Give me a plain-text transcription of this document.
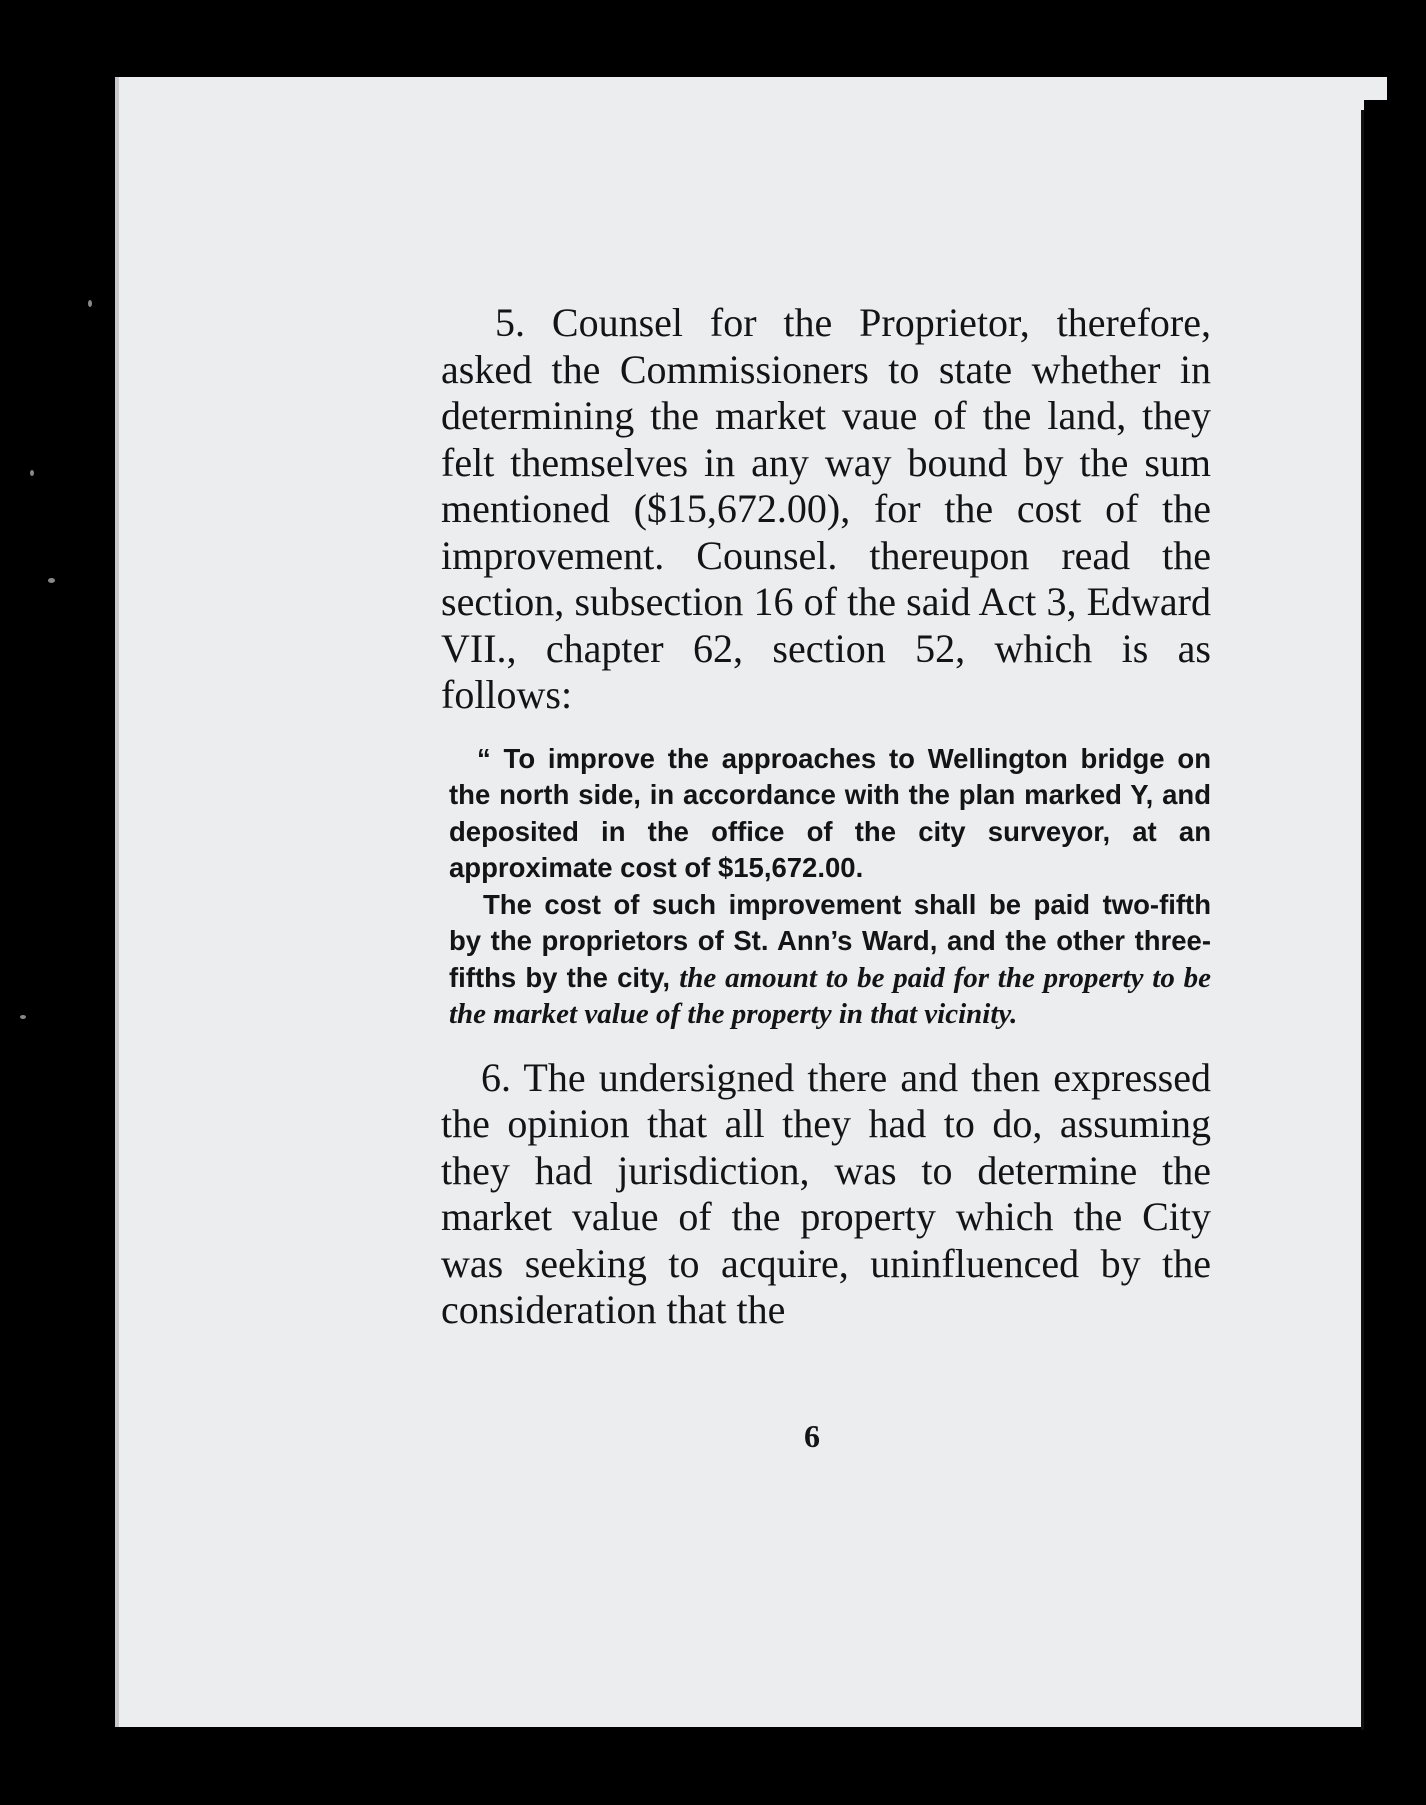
5. Counsel for the Proprietor, therefore, asked the Commissioners to state whether in determining the market vaue of the land, they felt themselves in any way bound by the sum mentioned ($15,672.00), for the cost of the improvement. Counsel. thereupon read the section, subsection 16 of the said Act 3, Edward VII., chapter 62, section 52, which is as follows:

“ To improve the approaches to Wellington bridge on the north side, in accordance with the plan marked Y, and deposited in the office of the city surveyor, at an approximate cost of $15,672.00.

The cost of such improvement shall be paid two-fifth by the proprietors of St. Ann’s Ward, and the other three-fifths by the city, the amount to be paid for the property to be the market value of the property in that vicinity.

6. The undersigned there and then expressed the opinion that all they had to do, assuming they had jurisdiction, was to determine the market value of the property which the City was seeking to acquire, uninfluenced by the consideration that the

6
